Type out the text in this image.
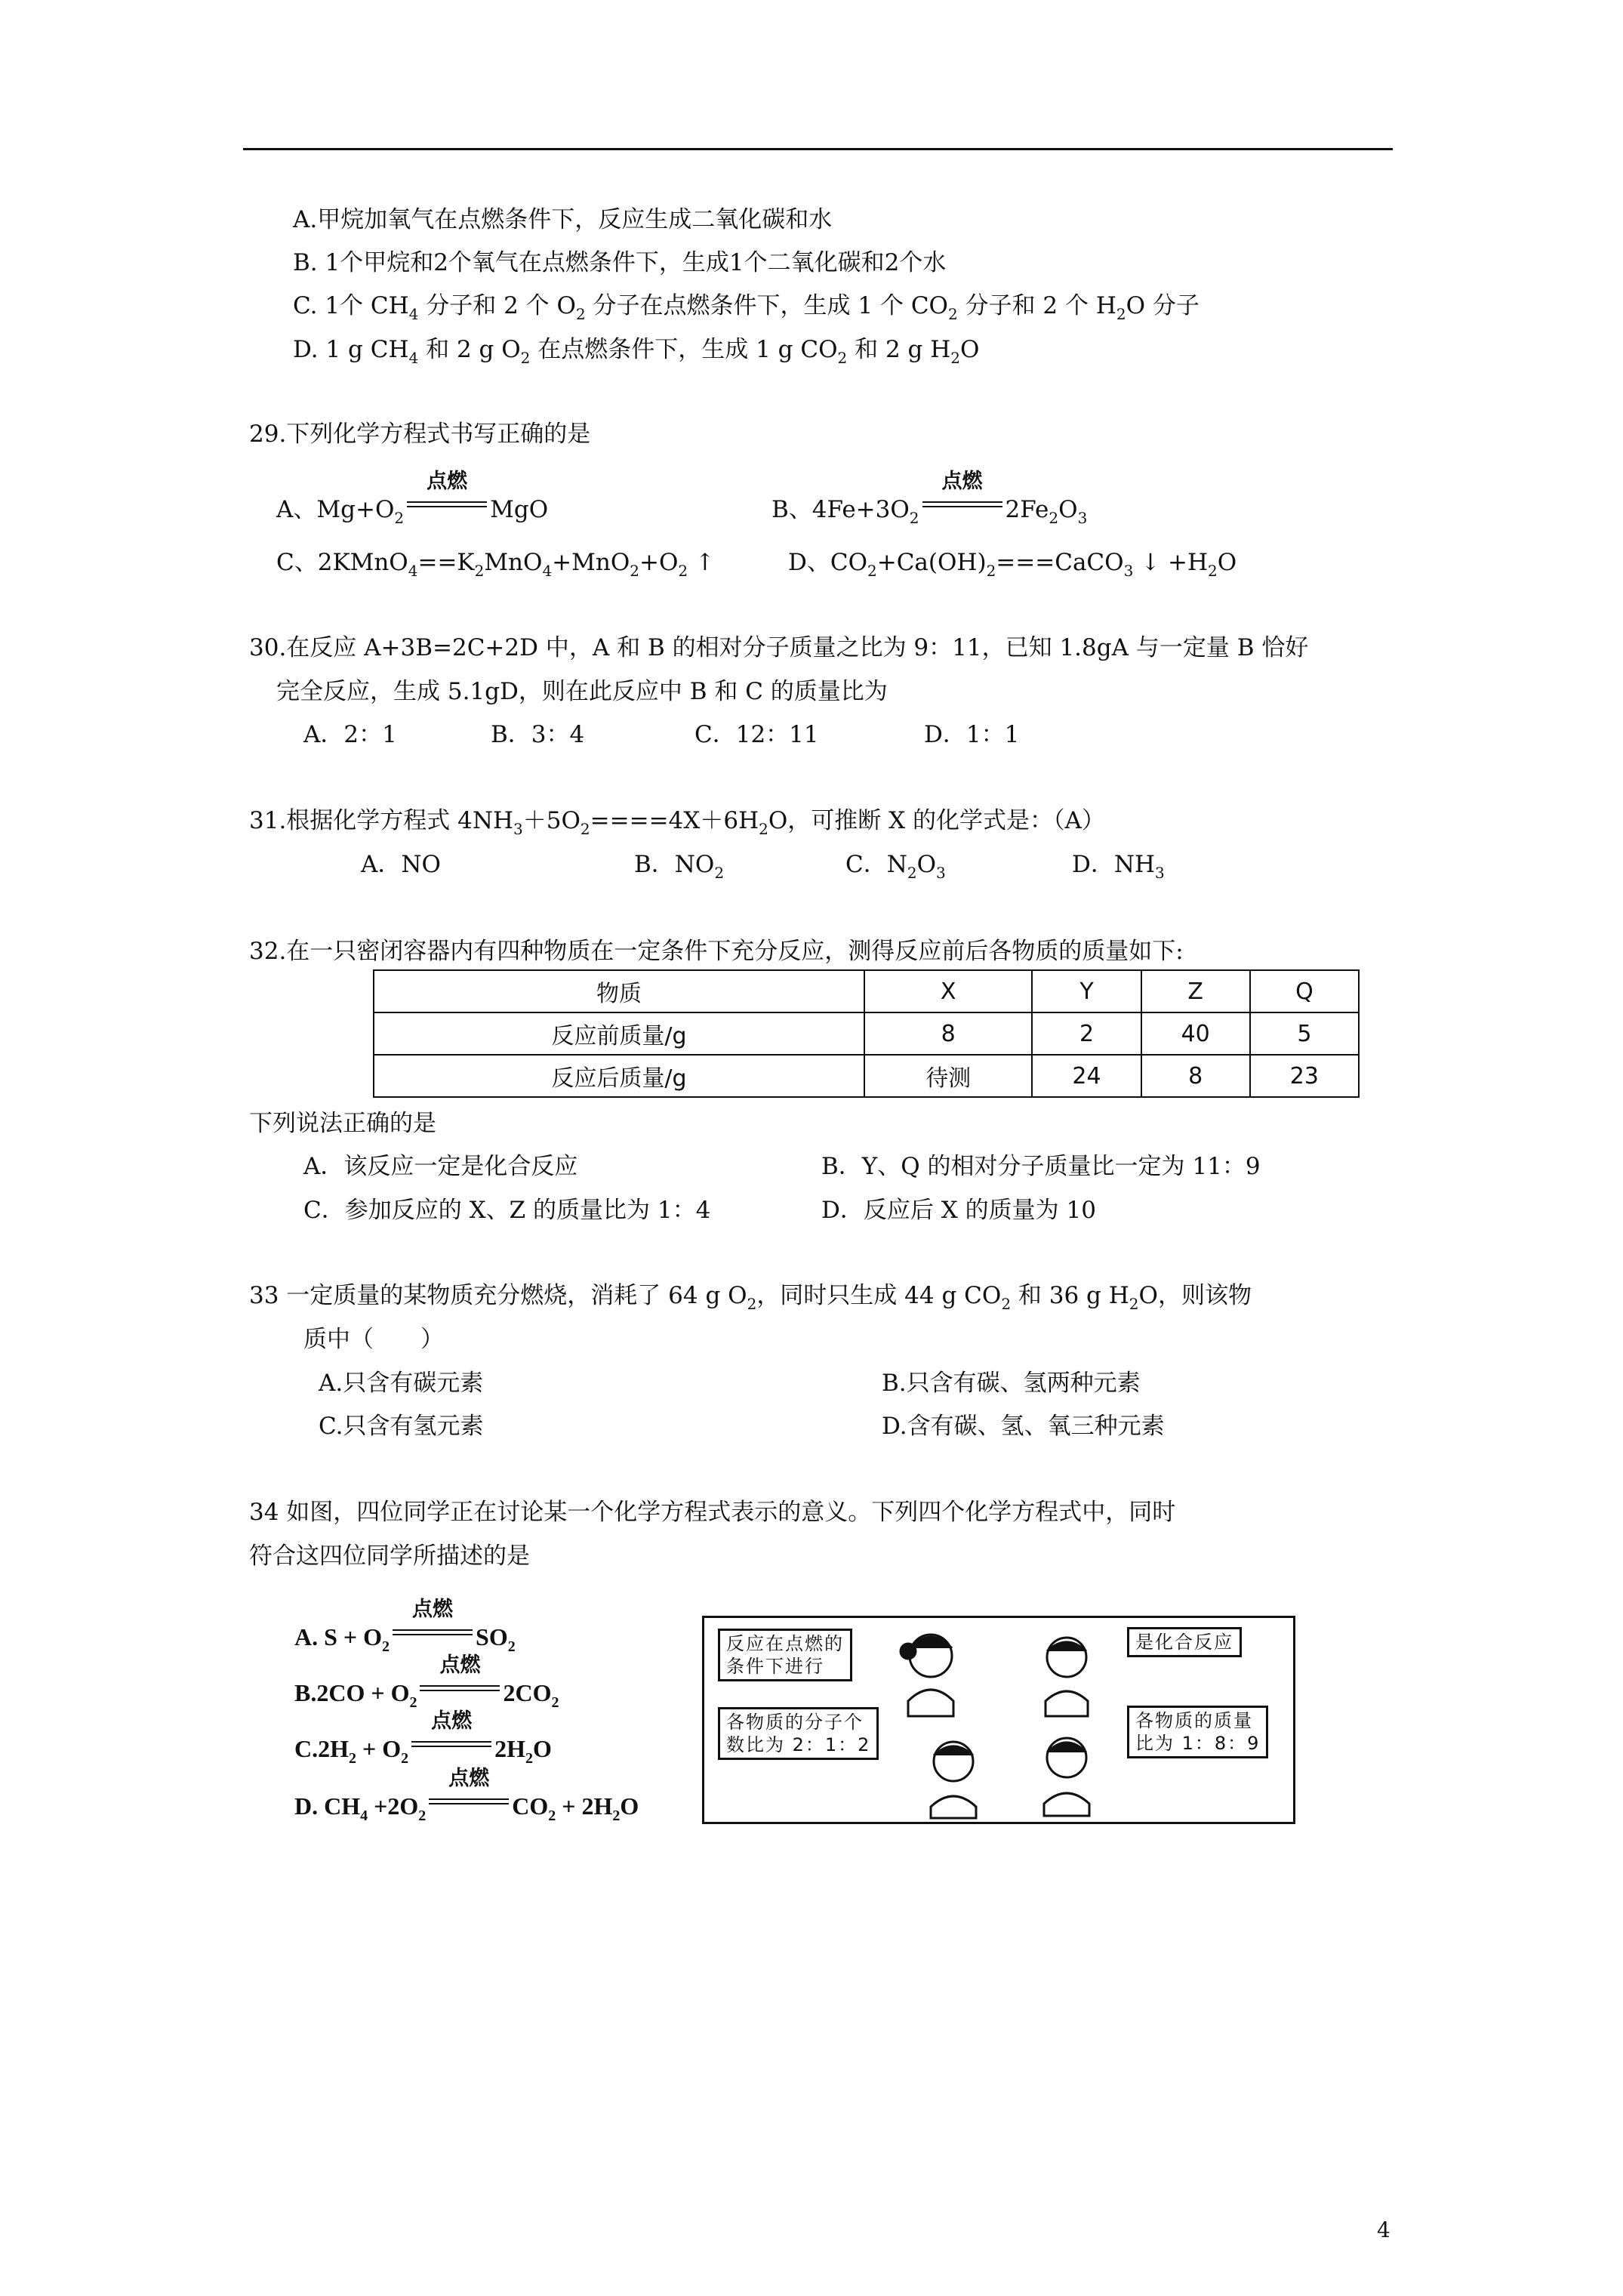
A.甲烷加氧气在点燃条件下，反应生成二氧化碳和水
B. 1个甲烷和2个氧气在点燃条件下，生成1个二氧化碳和2个水
C. 1个 $CH_4$ 分子和 2 个 $O_2$ 分子在点燃条件下，生成 1 个 $CO_2$ 分子和 2 个 $H_2O$ 分子
D. 1 g $CH_4$ 和 2 g $O_2$ 在点燃条件下，生成 1 g $CO_2$ 和 2 g $H_2O$
29.下列化学方程式书写正确的是
A、$Mg+O_2$
点燃
MgO	B、$4Fe+3O_2$
点燃
$2Fe_2O_3$
C、$2KMnO_4==K_2MnO_4+MnO_2+O_2$ ↑	D、$CO_2+Ca(OH)_2===CaCO_3$ ↓ $+H_2O$
30.在反应 A+3B=2C+2D 中，A 和 B 的相对分子质量之比为 9：11，已知 1.8gA 与一定量 B 恰好
完全反应，生成 5.1gD，则在此反应中 B 和 C 的质量比为
A．2：1	B．3：4	C．12：11	D．1：1
31.根据化学方程式 $4NH_3+5O_2====4X+6H_2O$，可推断 X 的化学式是：（A）
A．NO	B．$NO_2$	C．$N_2O_3$	D．$NH_3$
32.在一只密闭容器内有四种物质在一定条件下充分反应，测得反应前后各物质的质量如下:
物质	X	Y	Z	Q
反应前质量/g	8	2	40	5
反应后质量/g	待测	24	8	23
下列说法正确的是
A．该反应一定是化合反应	B．Y、Q 的相对分子质量比一定为 11：9
C．参加反应的 X、Z 的质量比为 1：4	D．反应后 X 的质量为 10
33 一定质量的某物质充分燃烧，消耗了 64 g $O_2$，同时只生成 44 g $CO_2$ 和 36 g $H_2O$，则该物
质中（　　）
A.只含有碳元素	B.只含有碳、氢两种元素
C.只含有氢元素	D.含有碳、氢、氧三种元素
34 如图，四位同学正在讨论某一个化学方程式表示的意义。下列四个化学方程式中，同时
符合这四位同学所描述的是
A. $S + O_2$
点燃
$SO_2$
$B.2CO + O_2$
点燃
$2CO_2$
$C.2H_2 + O_2$
点燃
$2H_2O$
D. $CH_4 +2O_2$
点燃
$CO_2 + 2H_2O$
反应在点燃的
条件下进行
是化合反应
各物质的分子个
数比为 2：1：2
各物质的质量
比为 1：8：9
4
